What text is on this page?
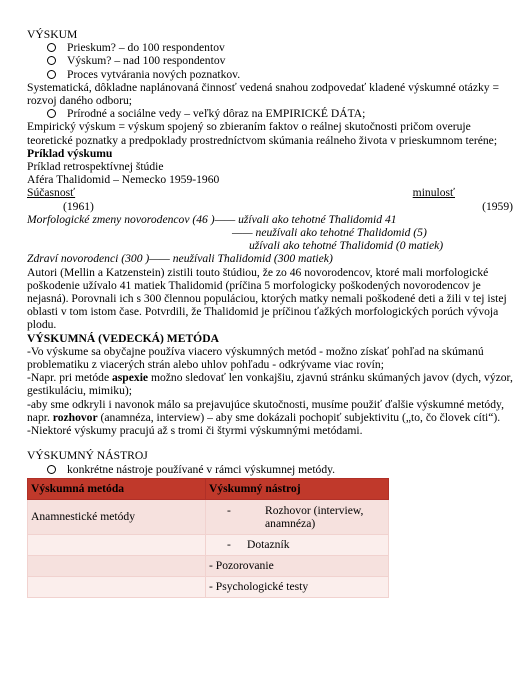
VÝSKUM
Prieskum? – do 100 respondentov
Výskum? – nad 100 respondentov
Proces vytvárania nových poznatkov.
Systematická, dôkladne naplánovaná činnosť vedená snahou zodpovedať kladené výskumné otázky = rozvoj daného odboru;
Prírodné a sociálne vedy – veľký dôraz na EMPIRICKÉ DÁTA;
Empirický výskum = výskum spojený so zbieraním faktov o reálnej skutočnosti pričom overuje teoretické poznatky a predpoklady prostredníctvom skúmania reálneho života v prieskumnom teréne;
Príklad výskumu
Príklad retrospektívnej štúdie
Aféra Thalidomid – Nemecko 1959-1960
Súčasnosť	minulosť
(1961)	(1959)
Morfologické zmeny novorodencov (46 )—— užívali ako tehotné Thalidomid 41
—— neužívali ako tehotné Thalidomid (5)
užívali ako tehotné Thalidomid (0 matiek)
Zdraví novorodenci (300 )—— neužívali Thalidomid (300 matiek)
Autori (Mellin a Katzenstein) zistili touto štúdiou, že zo 46 novorodencov, ktoré mali morfologické poškodenie užívalo 41 matiek Thalidomid (príčina 5 morfologicky poškodených novorodencov je nejasná). Porovnali ich s 300 člennou populáciou, ktorých matky nemali poškodené deti a žili v tej istej oblasti v tom istom čase. Potvrdili, že Thalidomid je príčinou ťažkých morfologických porúch vývoja plodu.
VÝSKUMNÁ (VEDECKÁ) METÓDA
-Vo výskume sa obyčajne používa viacero výskumných metód - možno získať pohľad na skúmanú problematiku z viacerých strán alebo uhlov pohľadu - odkrývame viac rovín;
-Napr. pri metóde aspexie možno sledovať len vonkajšiu, zjavnú stránku skúmaných javov (dych, výzor, gestikuláciu, mimiku);
-aby sme odkryli i navonok málo sa prejavujúce skutočnosti, musíme použiť ďalšie výskumné metódy, napr. rozhovor (anamnéza, interview) – aby sme dokázali pochopiť subjektivitu („to, čo človek cíti“).
-Niektoré výskumy pracujú až s tromi či štyrmi výskumnými metódami.
VÝSKUMNÝ NÁSTROJ
konkrétne nástroje používané v rámci výskumnej metódy.
Výskumná metóda	Výskumný nástroj
Anamnestické metódy	- Rozhovor (interview, anamnéza)

	- Dotazník
	- Pozorovanie
	- Psychologické testy
